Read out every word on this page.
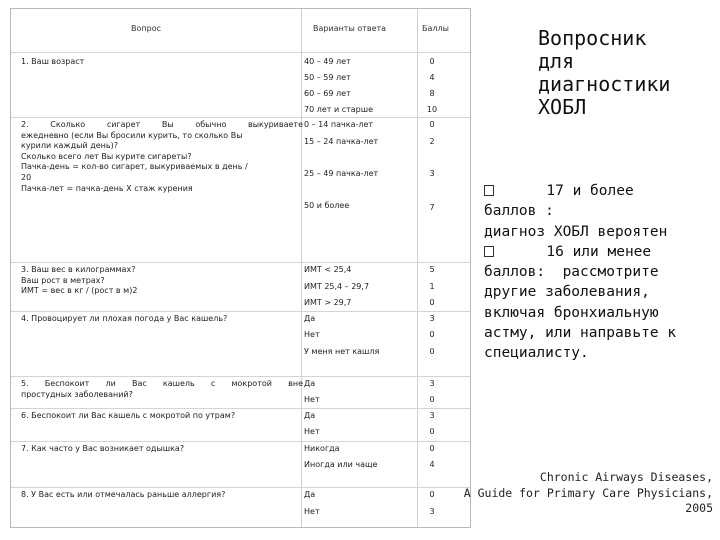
Вопрос	Варианты ответа	Баллы
1. Ваш возраст	40 – 49 лет	0
50 – 59 лет	4
60 – 69 лет	8
70 лет и старше	10
2. Сколько сигарет Вы обычно выкуриваете
ежедневно (если Вы бросили курить, то сколько Вы
курили каждый день)?
Сколько всего лет Вы курите сигареты?
Пачка-день = кол-во сигарет, выкуриваемых в день /
20
Пачка-лет = пачка-день Х стаж курения
0 – 14 пачка-лет	0
15 – 24 пачка-лет	2
25 – 49 пачка-лет	3
50 и более	7
3. Ваш вес в килограммах?
Ваш рост в метрах?
ИМТ = вес в кг / (рост в м)2
ИМТ < 25,4	5
ИМТ 25,4 – 29,7	1
ИМТ > 29,7	0
4. Провоцирует ли плохая погода у Вас кашель?	Да	3
Нет	0
У меня нет кашля	0
5. Беспокоит ли Вас кашель с мокротой вне
простудных заболеваний?
Да	3
Нет	0
6. Беспокоит ли Вас кашель с мокротой по утрам?	Да	3
Нет	0
7. Как часто у Вас возникает одышка?	Никогда	0
Иногда или чаще	4
8. У Вас есть или отмечалась раньше аллергия?	Да	0
Нет	3
Вопросник
для
диагностики
ХОБЛ
17 и более
баллов :
диагноз ХОБЛ вероятен
16 или менее
баллов:  рассмотрите
другие заболевания,
включая бронхиальную
астму, или направьте к
специалисту.
Chronic Airways Diseases,
A Guide for Primary Care Physicians,
2005
